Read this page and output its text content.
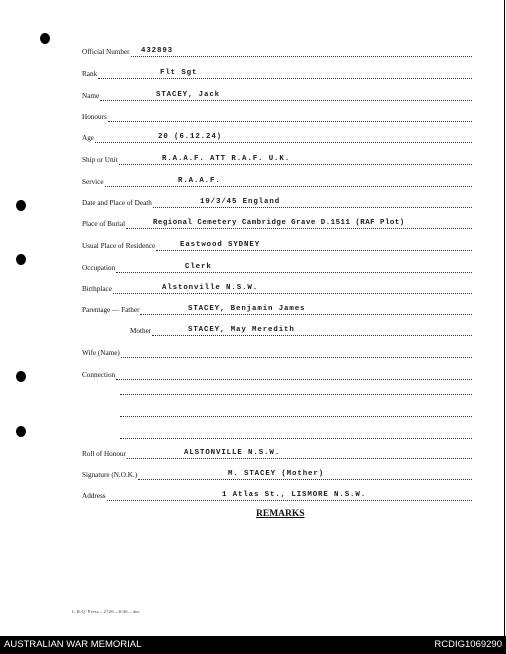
Official Number 432893
Rank	Flt Sgt
Name	STACEY, Jack
Honours
Age	20 (6.12.24)
Ship or Unit	R.A.A.F. ATT R.A.F. U.K.
Service	R.A.A.F.
Date and Place of Death	19/3/45 England
Place of Burial	Regional Cemetery Cambridge Grave D.1511 (RAF Plot)
Usual Place of Residence	Eastwood SYDNEY
Occupation	Clerk
Birthplace	Alstonville N.S.W.
Parentage — Father	STACEY, Benjamin James
Mother	STACEY, May Meredith
Wife (Name)
Connection
Roll of Honour	ALSTONVILLE N.S.W.
Signature (N.O.K.)	M. STACEY (Mother)
Address	1 Atlas St., LISMORE N.S.W.
REMARKS
L.H.Q. Press—2720—8/46—4m.
AUSTRALIAN WAR MEMORIAL	RCDIG1069290
